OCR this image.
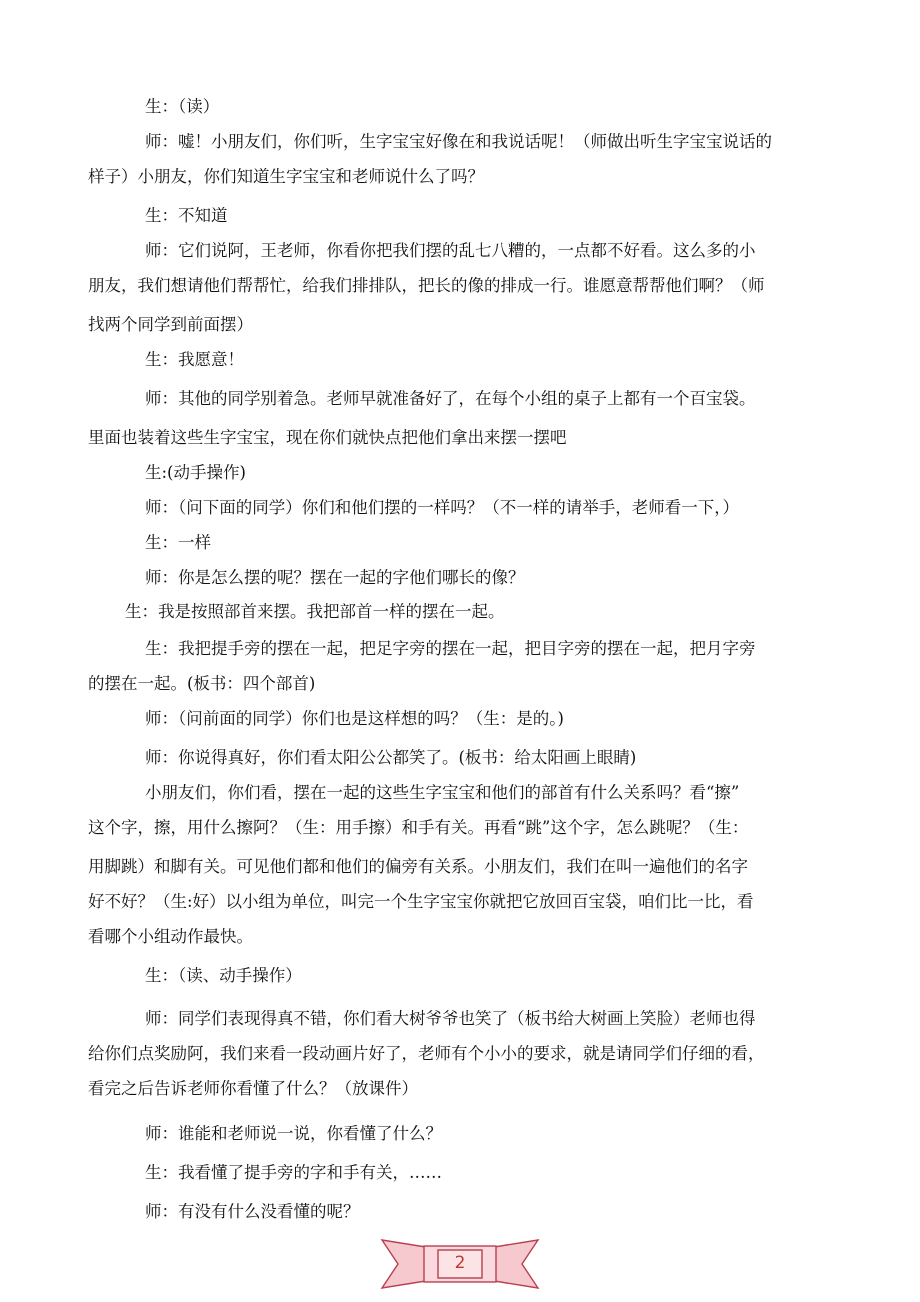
生：（读）
师：嘘！小朋友们，你们听，生字宝宝好像在和我说话呢！（师做出听生字宝宝说话的
样子）小朋友，你们知道生字宝宝和老师说什么了吗？
生：不知道
师：它们说阿，王老师，你看你把我们摆的乱七八糟的，一点都不好看。这么多的小
朋友，我们想请他们帮帮忙，给我们排排队，把长的像的排成一行。谁愿意帮帮他们啊？（师
找两个同学到前面摆）
生：我愿意！
师：其他的同学别着急。老师早就准备好了，在每个小组的桌子上都有一个百宝袋。
里面也装着这些生字宝宝，现在你们就快点把他们拿出来摆一摆吧
生:(动手操作)
师：（问下面的同学）你们和他们摆的一样吗？（不一样的请举手，老师看一下，）
生：一样
师：你是怎么摆的呢？摆在一起的字他们哪长的像？
生：我是按照部首来摆。我把部首一样的摆在一起。
生：我把提手旁的摆在一起，把足字旁的摆在一起，把目字旁的摆在一起，把月字旁
的摆在一起。(板书：四个部首)
师：（问前面的同学）你们也是这样想的吗？（生：是的。)
师：你说得真好，你们看太阳公公都笑了。(板书：给太阳画上眼睛)
小朋友们，你们看，摆在一起的这些生字宝宝和他们的部首有什么关系吗？看“擦”
这个字，擦，用什么擦阿？（生：用手擦）和手有关。再看“跳”这个字，怎么跳呢？（生：
用脚跳）和脚有关。可见他们都和他们的偏旁有关系。小朋友们，我们在叫一遍他们的名字
好不好？（生:好）以小组为单位，叫完一个生字宝宝你就把它放回百宝袋，咱们比一比，看
看哪个小组动作最快。
生：（读、动手操作）
师：同学们表现得真不错，你们看大树爷爷也笑了（板书给大树画上笑脸）老师也得
给你们点奖励阿，我们来看一段动画片好了，老师有个小小的要求，就是请同学们仔细的看，
看完之后告诉老师你看懂了什么？（放课件）
师：谁能和老师说一说，你看懂了什么？
生：我看懂了提手旁的字和手有关，……
师：有没有什么没看懂的呢？
2
